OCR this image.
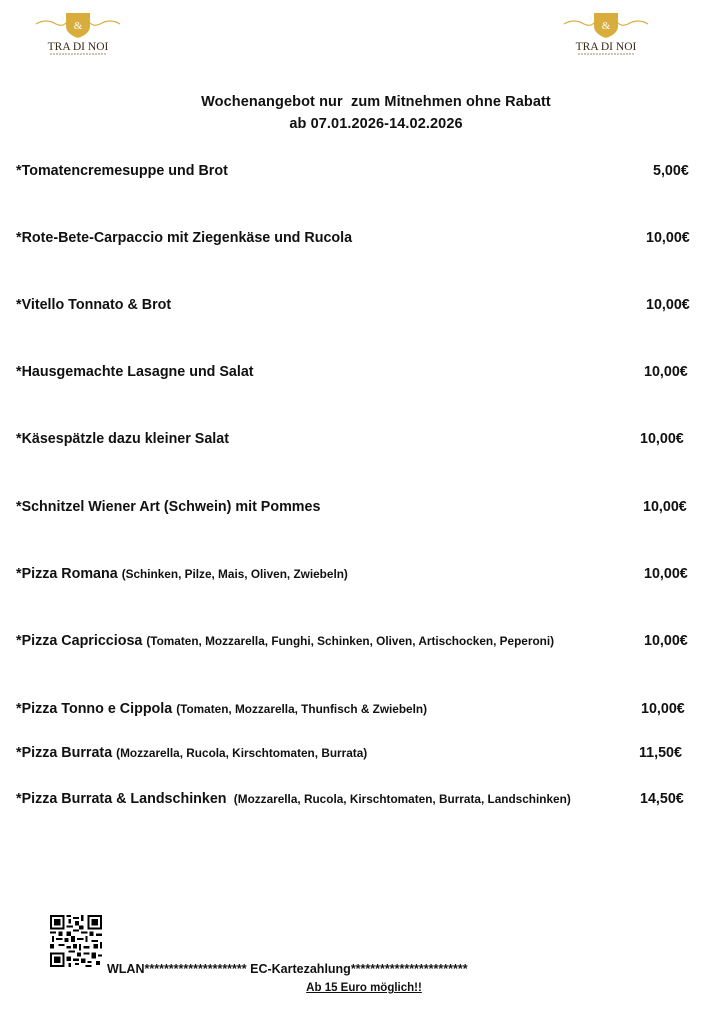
&
TRA DI NOI
&
TRA DI NOI
Wochenangebot nur  zum Mitnehmen ohne Rabatt
ab 07.01.2026-14.02.2026
*Tomatencremesuppe und Brot	5,00€
*Rote-Bete-Carpaccio mit Ziegenkäse und Rucola	10,00€
*Vitello Tonnato & Brot	10,00€
*Hausgemachte Lasagne und Salat	10,00€
*Käsespätzle dazu kleiner Salat	10,00€
*Schnitzel Wiener Art (Schwein) mit Pommes	10,00€
*Pizza Romana (Schinken, Pilze, Mais, Oliven, Zwiebeln)	10,00€
*Pizza Capricciosa (Tomaten, Mozzarella, Funghi, Schinken, Oliven, Artischocken, Peperoni)	10,00€
*Pizza Tonno e Cippola (Tomaten, Mozzarella, Thunfisch & Zwiebeln)	10,00€
*Pizza Burrata (Mozzarella, Rucola, Kirschtomaten, Burrata)	11,50€
*Pizza Burrata & Landschinken  (Mozzarella, Rucola, Kirschtomaten, Burrata, Landschinken)	14,50€
WLAN********************* EC-Kartezahlung************************
Ab 15 Euro möglich!!
